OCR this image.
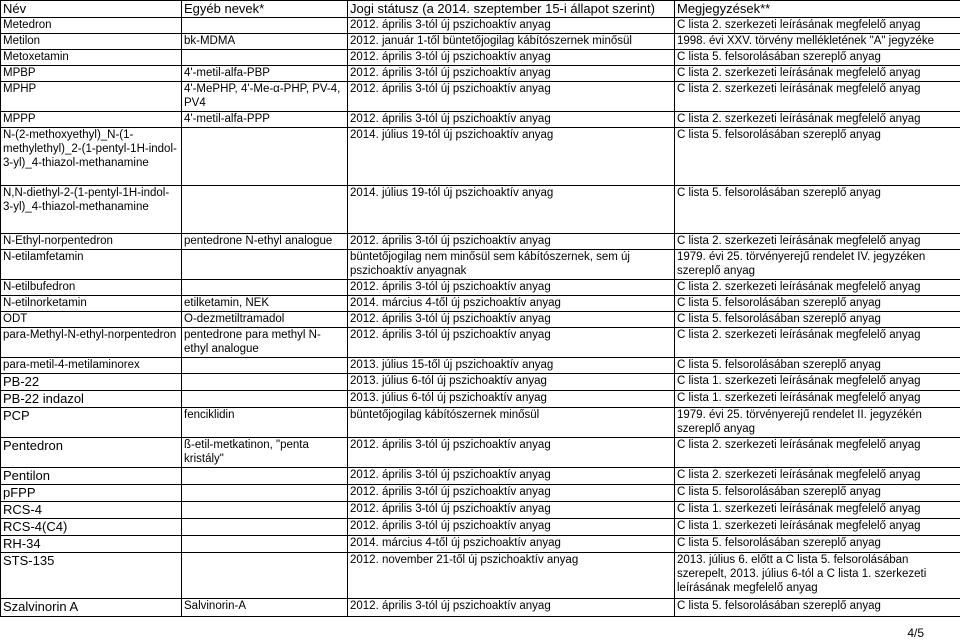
Név	Egyéb nevek*	Jogi státusz (a 2014. szeptember 15-i állapot szerint)	Megjegyzések**
Metedron		2012. április 3-tól új pszichoaktív anyag	C lista 2. szerkezeti leírásának megfelelő anyag
Metilon	bk-MDMA	2012. január 1-től büntetőjogilag kábítószernek minősül	1998. évi XXV. törvény mellékletének "A" jegyzéke
Metoxetamin		2012. április 3-tól új pszichoaktív anyag	C lista 5. felsorolásában szereplő anyag
MPBP	4'-metil-alfa-PBP	2012. április 3-tól új pszichoaktív anyag	C lista 2. szerkezeti leírásának megfelelő anyag
MPHP	4'-MePHP, 4'-Me-α-PHP, PV-4, PV4	2012. április 3-tól új pszichoaktív anyag	C lista 2. szerkezeti leírásának megfelelő anyag
MPPP	4'-metil-alfa-PPP	2012. április 3-tól új pszichoaktív anyag	C lista 2. szerkezeti leírásának megfelelő anyag
N-(2-methoxyethyl)_N-(1-methylethyl)_2-(1-pentyl-1H-indol-3-yl)_4-thiazol-methanamine		2014. július 19-tól új pszichoaktív anyag	C lista 5. felsorolásában szereplő anyag
N,N-diethyl-2-(1-pentyl-1H-indol-3-yl)_4-thiazol-methanamine		2014. július 19-tól új pszichoaktív anyag	C lista 5. felsorolásában szereplő anyag
N-Ethyl-norpentedron	pentedrone N-ethyl analogue	2012. április 3-tól új pszichoaktív anyag	C lista 2. szerkezeti leírásának megfelelő anyag
N-etilamfetamin		büntetőjogilag nem minősül sem kábítószernek, sem új pszichoaktív anyagnak	1979. évi 25. törvényerejű rendelet IV. jegyzéken szereplő anyag
N-etilbufedron		2012. április 3-tól új pszichoaktív anyag	C lista 2. szerkezeti leírásának megfelelő anyag
N-etilnorketamin	etilketamin, NEK	2014. március 4-től új pszichoaktív anyag	C lista 5. felsorolásában szereplő anyag
ODT	O-dezmetiltramadol	2012. április 3-tól új pszichoaktív anyag	C lista 5. felsorolásában szereplő anyag
para-Methyl-N-ethyl-norpentedron	pentedrone para methyl N-ethyl analogue	2012. április 3-tól új pszichoaktív anyag	C lista 2. szerkezeti leírásának megfelelő anyag
para-metil-4-metilaminorex		2013. július 15-től új pszichoaktív anyag	C lista 5. felsorolásában szereplő anyag
PB-22		2013. július 6-tól új pszichoaktív anyag	C lista 1. szerkezeti leírásának megfelelő anyag
PB-22 indazol		2013. július 6-tól új pszichoaktív anyag	C lista 1. szerkezeti leírásának megfelelő anyag
PCP	fenciklidin	büntetőjogilag kábítószernek minősül	1979. évi 25. törvényerejű rendelet II. jegyzékén szereplő anyag
Pentedron	ß-etil-metkatinon, "penta kristály"	2012. április 3-tól új pszichoaktív anyag	C lista 2. szerkezeti leírásának megfelelő anyag
Pentilon		2012. április 3-tól új pszichoaktív anyag	C lista 2. szerkezeti leírásának megfelelő anyag
pFPP		2012. április 3-tól új pszichoaktív anyag	C lista 5. felsorolásában szereplő anyag
RCS-4		2012. április 3-tól új pszichoaktív anyag	C lista 1. szerkezeti leírásának megfelelő anyag
RCS-4(C4)		2012. április 3-tól új pszichoaktív anyag	C lista 1. szerkezeti leírásának megfelelő anyag
RH-34		2014. március 4-től új pszichoaktív anyag	C lista 5. felsorolásában szereplő anyag
STS-135		2012. november 21-től új pszichoaktív anyag	2013. július 6. előtt a C lista 5. felsorolásában szerepelt, 2013. július 6-tól a C lista 1. szerkezeti leírásának megfelelő anyag
Szalvinorin A	Salvinorin-A	2012. április 3-tól új pszichoaktív anyag	C lista 5. felsorolásában szereplő anyag
4/5
